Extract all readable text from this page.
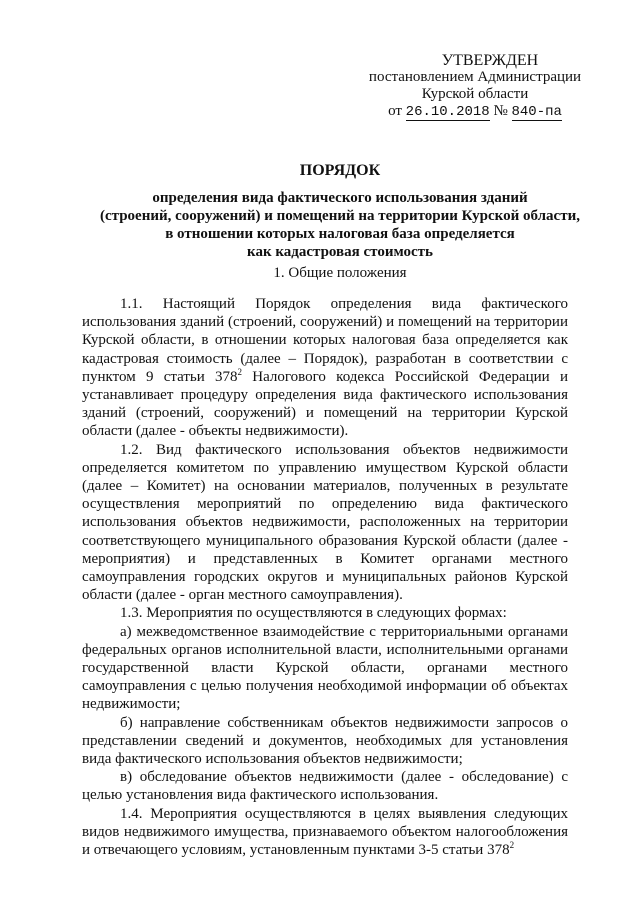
УТВЕРЖДЕН
постановлением Администрации
Курской области
от 26.10.2018 № 840-па
ПОРЯДОК
определения вида фактического использования зданий
(строений, сооружений) и помещений на территории Курской области,
в отношении которых налоговая база определяется
как кадастровая стоимость
1. Общие положения

1.1. Настоящий Порядок определения вида фактического использования зданий (строений, сооружений) и помещений на территории Курской области, в отношении которых налоговая база определяется как кадастровая стоимость (далее – Порядок), разработан в соответствии с пунктом 9 статьи $378^2$ Налогового кодекса Российской Федерации и устанавливает процедуру определения вида фактического использования зданий (строений, сооружений) и помещений на территории Курской области (далее - объекты недвижимости).

1.2. Вид фактического использования объектов недвижимости определяется комитетом по управлению имуществом Курской области (далее – Комитет) на основании материалов, полученных в результате осуществления мероприятий по определению вида фактического использования объектов недвижимости, расположенных на территории соответствующего муниципального образования Курской области (далее - мероприятия) и представленных в Комитет органами местного самоуправления городских округов и муниципальных районов Курской области (далее - орган местного самоуправления).

1.3. Мероприятия по осуществляются в следующих формах:

а) межведомственное взаимодействие с территориальными органами федеральных органов исполнительной власти, исполнительными органами государственной власти Курской области, органами местного самоуправления с целью получения необходимой информации об объектах недвижимости;

б) направление собственникам объектов недвижимости запросов о представлении сведений и документов, необходимых для установления вида фактического использования объектов недвижимости;

в) обследование объектов недвижимости (далее - обследование) с целью установления вида фактического использования.

1.4. Мероприятия осуществляются в целях выявления следующих видов недвижимого имущества, признаваемого объектом налогообложения и отвечающего условиям, установленным пунктами 3-5 статьи $378^2$
